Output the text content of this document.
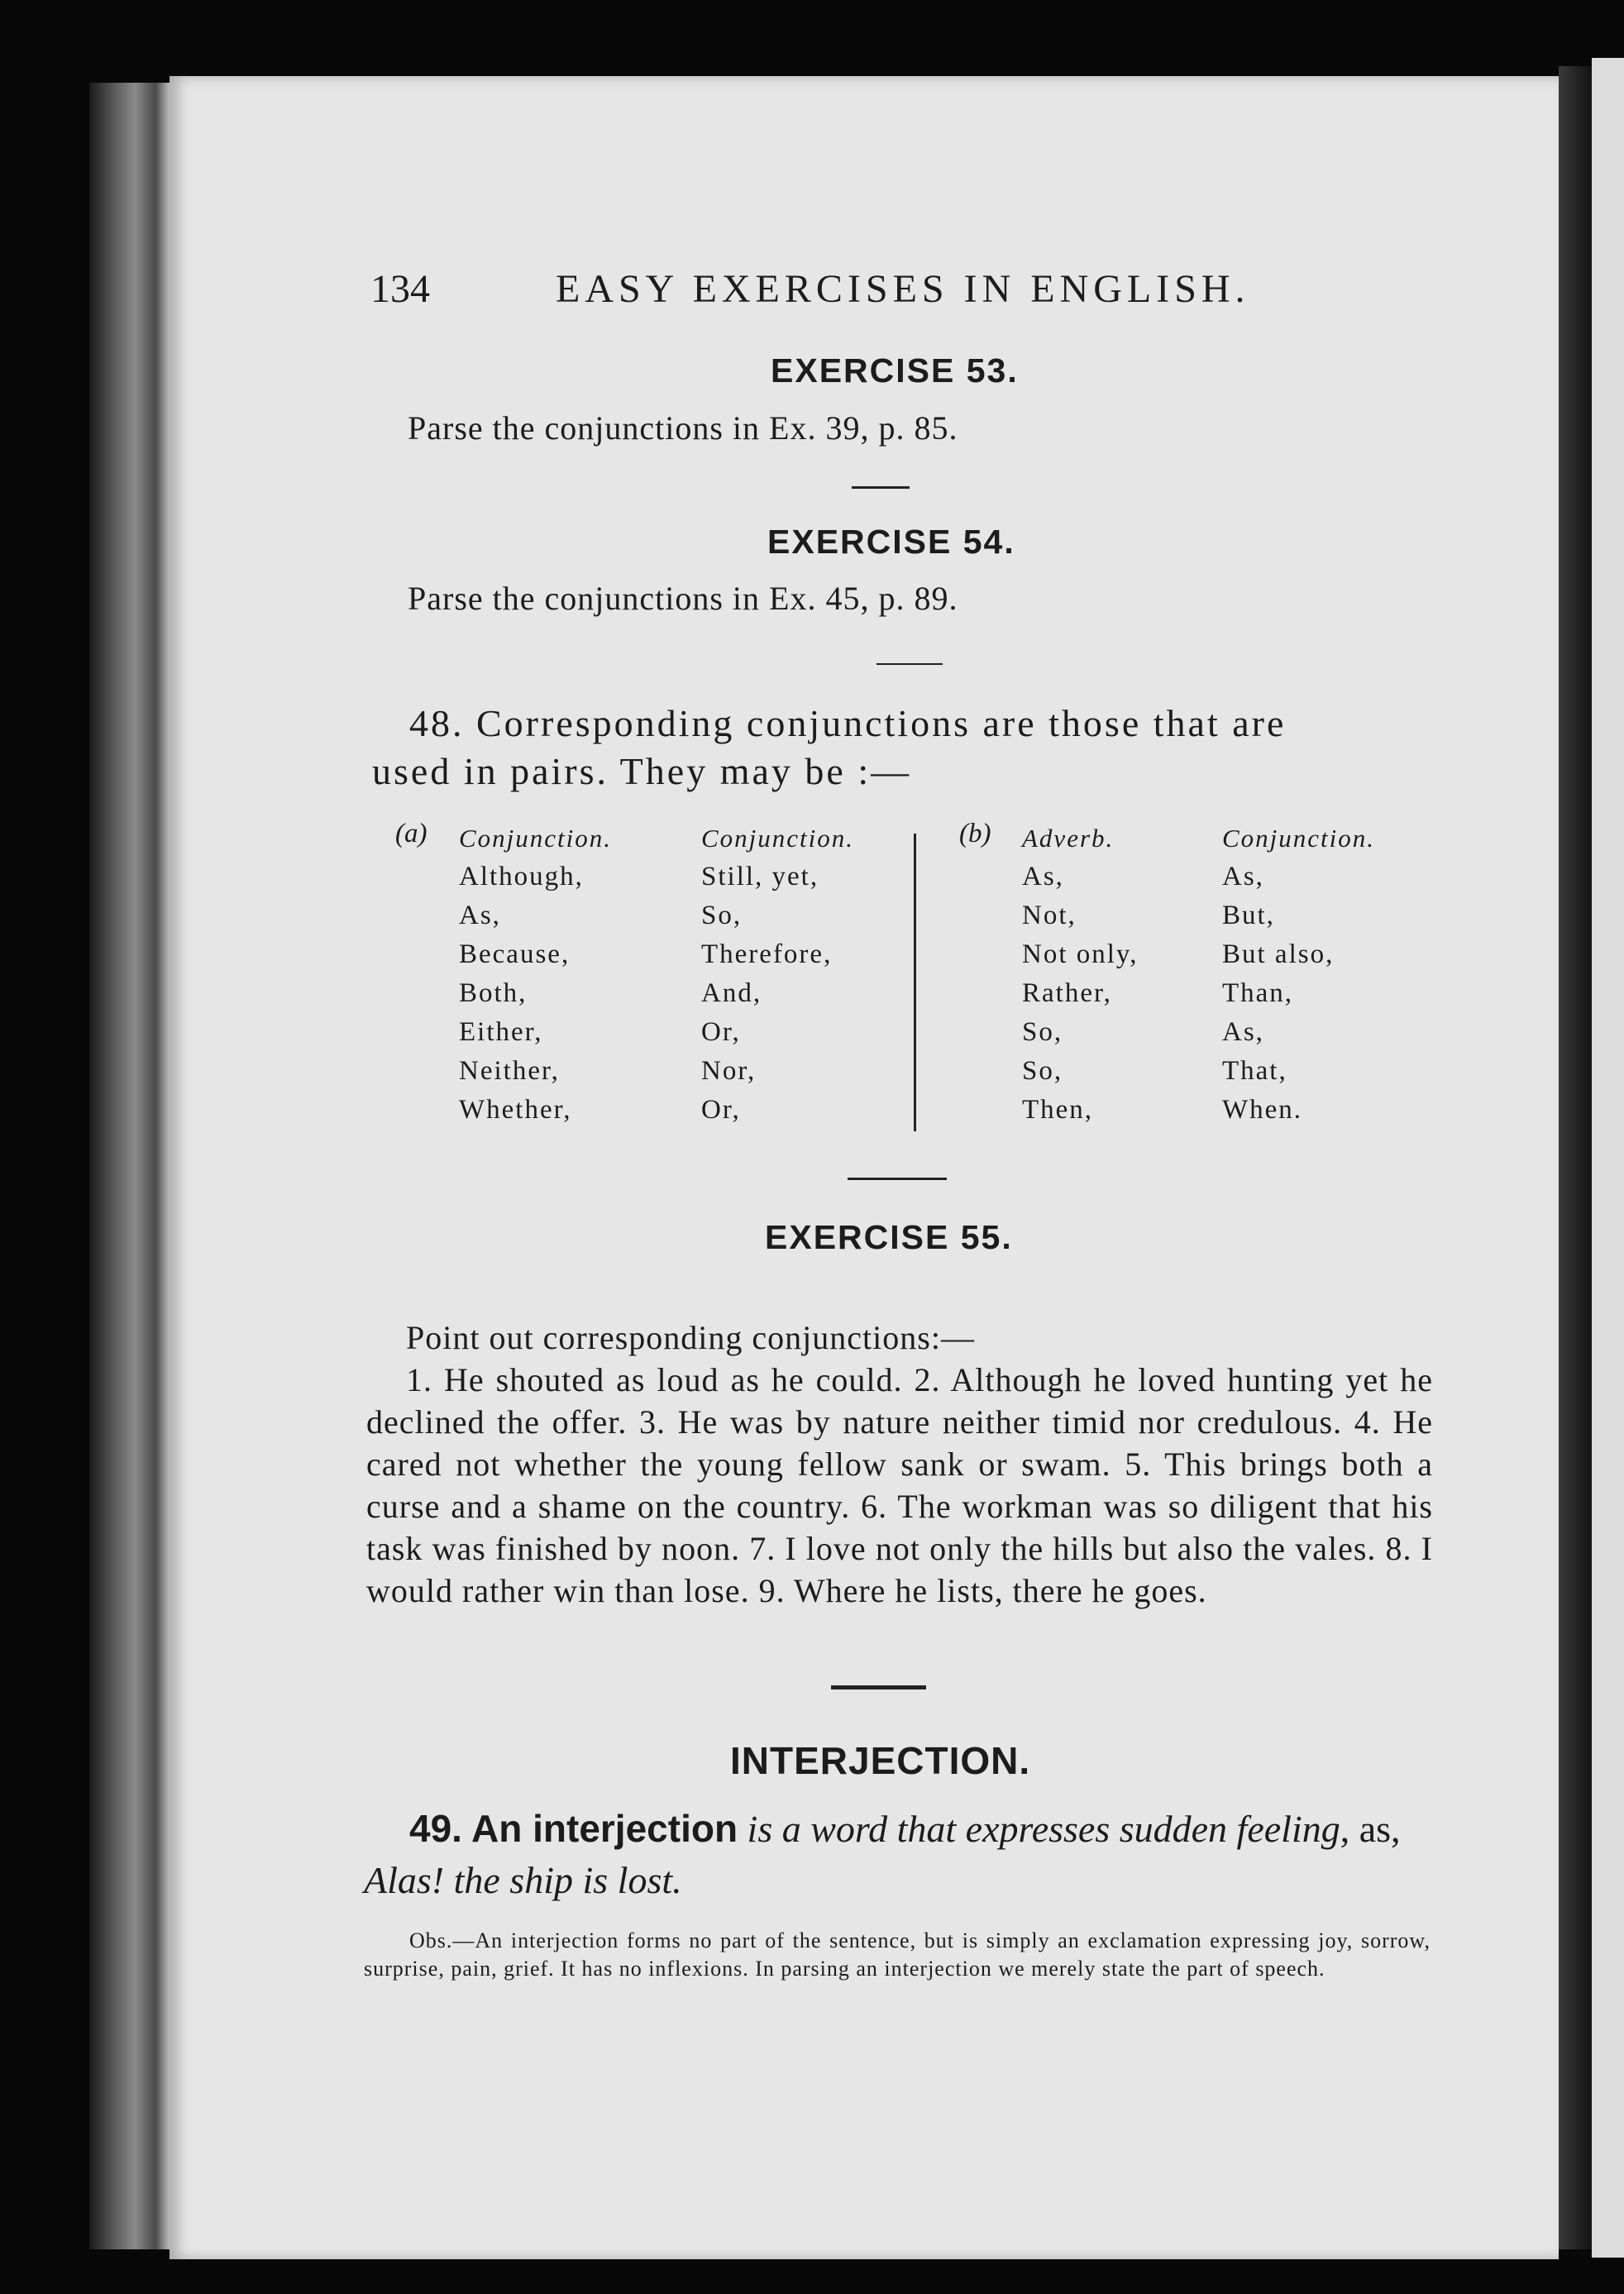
134	EASY EXERCISES IN ENGLISH.
EXERCISE 53.
Parse the conjunctions in Ex. 39, p. 85.
EXERCISE 54.
Parse the conjunctions in Ex. 45, p. 89.
48. Corresponding conjunctions are those that are
used in pairs. They may be :—
(a)	(b)
Conjunction.
Although,
As,
Because,
Both,
Either,
Neither,
Whether,
Conjunction.
Still, yet,
So,
Therefore,
And,
Or,
Nor,
Or,
Adverb.
As,
Not,
Not only,
Rather,
So,
So,
Then,
Conjunction.
As,
But,
But also,
Than,
As,
That,
When.
EXERCISE 55.

Point out corresponding conjunctions:—

1. He shouted as loud as he could. 2. Although he loved hunting yet he declined the offer. 3. He was by nature neither timid nor credulous. 4. He cared not whether the young fellow sank or swam. 5. This brings both a curse and a shame on the country. 6. The workman was so diligent that his task was finished by noon. 7. I love not only the hills but also the vales. 8. I would rather win than lose. 9. Where he lists, there he goes.

INTERJECTION.
49. An interjection is a word that expresses sudden feeling, as, Alas! the ship is lost.
Obs.—An interjection forms no part of the sentence, but is simply an exclamation expressing joy, sorrow, surprise, pain, grief. It has no inflexions. In parsing an interjection we merely state the part of speech.
